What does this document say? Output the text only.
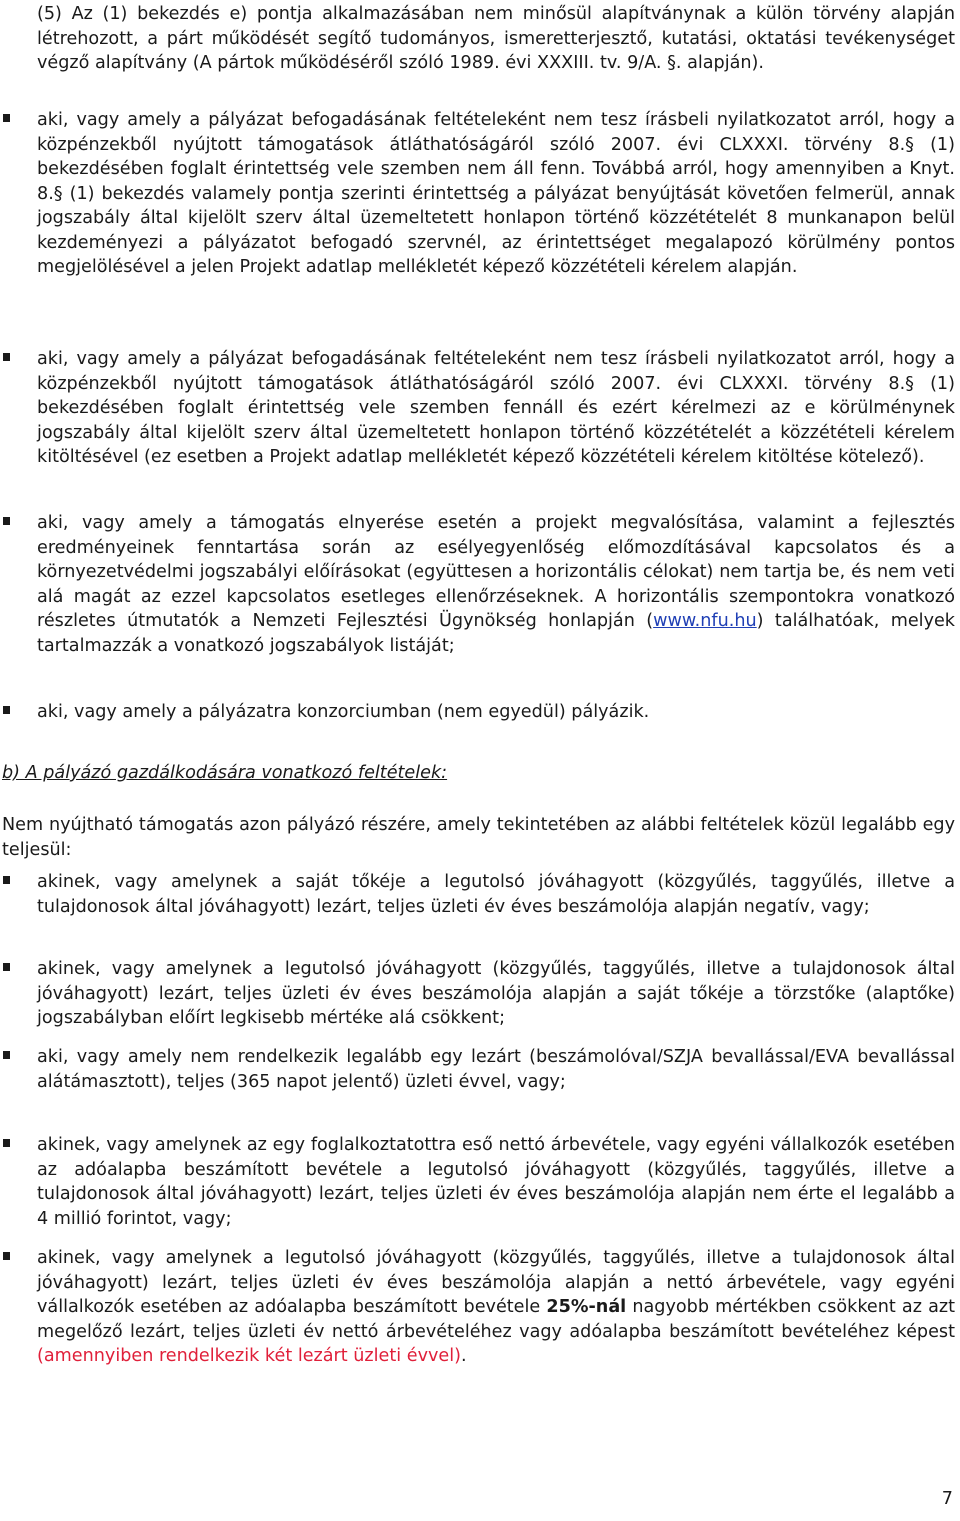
(5) Az (1) bekezdés e) pontja alkalmazásában nem minősül alapítványnak a külön törvény alapján létrehozott, a párt működését segítő tudományos, ismeretterjesztő, kutatási, oktatási tevékenységet végző alapítvány (A pártok működéséről szóló 1989. évi XXXIII. tv. 9/A. §. alapján).
aki, vagy amely a pályázat befogadásának feltételeként nem tesz írásbeli nyilatkozatot arról, hogy a közpénzekből nyújtott támogatások átláthatóságáról szóló 2007. évi CLXXXI. törvény 8.§ (1) bekezdésében foglalt érintettség vele szemben nem áll fenn. Továbbá arról, hogy amennyiben a Knyt. 8.§ (1) bekezdés valamely pontja szerinti érintettség a pályázat benyújtását követően felmerül, annak jogszabály által kijelölt szerv által üzemeltetett honlapon történő közzétételét 8 munkanapon belül kezdeményezi a pályázatot befogadó szervnél, az érintettséget megalapozó körülmény pontos megjelölésével a jelen Projekt adatlap mellékletét képező közzétételi kérelem alapján.
aki, vagy amely a pályázat befogadásának feltételeként nem tesz írásbeli nyilatkozatot arról, hogy a közpénzekből nyújtott támogatások átláthatóságáról szóló 2007. évi CLXXXI. törvény 8.§ (1) bekezdésében foglalt érintettség vele szemben fennáll és ezért kérelmezi az e körülménynek jogszabály által kijelölt szerv által üzemeltetett honlapon történő közzétételét a közzétételi kérelem kitöltésével (ez esetben a Projekt adatlap mellékletét képező közzétételi kérelem kitöltése kötelező).
aki, vagy amely a támogatás elnyerése esetén a projekt megvalósítása, valamint a fejlesztés eredményeinek fenntartása során az esélyegyenlőség előmozdításával kapcsolatos és a környezetvédelmi jogszabályi előírásokat (együttesen a horizontális célokat) nem tartja be, és nem veti alá magát az ezzel kapcsolatos esetleges ellenőrzéseknek. A horizontális szempontokra vonatkozó részletes útmutatók a Nemzeti Fejlesztési Ügynökség honlapján (www.nfu.hu) találhatóak, melyek tartalmazzák a vonatkozó jogszabályok listáját;
aki, vagy amely a pályázatra konzorciumban (nem egyedül) pályázik.
b) A pályázó gazdálkodására vonatkozó feltételek:
Nem nyújtható támogatás azon pályázó részére, amely tekintetében az alábbi feltételek közül legalább egy teljesül:
akinek, vagy amelynek a saját tőkéje a legutolsó jóváhagyott (közgyűlés, taggyűlés, illetve a tulajdonosok által jóváhagyott) lezárt, teljes üzleti év éves beszámolója alapján negatív, vagy;
akinek, vagy amelynek a legutolsó jóváhagyott (közgyűlés, taggyűlés, illetve a tulajdonosok által jóváhagyott) lezárt, teljes üzleti év éves beszámolója alapján a saját tőkéje a törzstőke (alaptőke) jogszabályban előírt legkisebb mértéke alá csökkent;
aki, vagy amely nem rendelkezik legalább egy lezárt (beszámolóval/SZJA bevallással/EVA bevallással alátámasztott), teljes (365 napot jelentő) üzleti évvel, vagy;
akinek, vagy amelynek az egy foglalkoztatottra eső nettó árbevétele, vagy egyéni vállalkozók esetében az adóalapba beszámított bevétele a legutolsó jóváhagyott (közgyűlés, taggyűlés, illetve a tulajdonosok által jóváhagyott) lezárt, teljes üzleti év éves beszámolója alapján nem érte el legalább a 4 millió forintot, vagy;
akinek, vagy amelynek a legutolsó jóváhagyott (közgyűlés, taggyűlés, illetve a tulajdonosok által jóváhagyott) lezárt, teljes üzleti év éves beszámolója alapján a nettó árbevétele, vagy egyéni vállalkozók esetében az adóalapba beszámított bevétele 25%-nál nagyobb mértékben csökkent az azt megelőző lezárt, teljes üzleti év nettó árbevételéhez vagy adóalapba beszámított bevételéhez képest (amennyiben rendelkezik két lezárt üzleti évvel).
7
